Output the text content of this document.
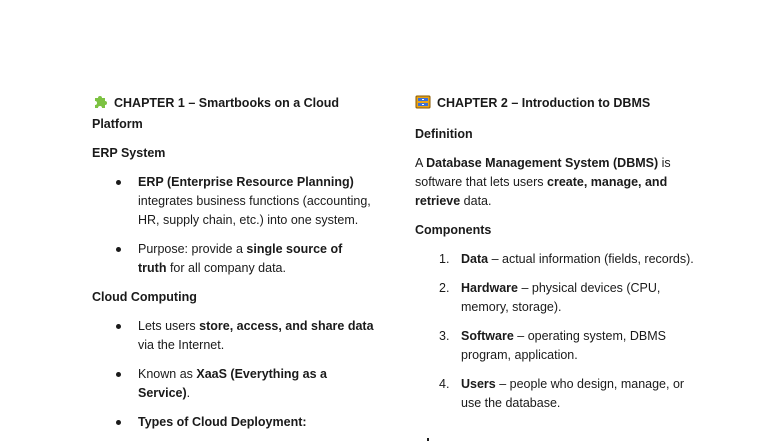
CHAPTER 1 – Smartbooks on a Cloud Platform
ERP System
ERP (Enterprise Resource Planning) integrates business functions (accounting, HR, supply chain, etc.) into one system.
Purpose: provide a single source of truth for all company data.
Cloud Computing
Lets users store, access, and share data via the Internet.
Known as XaaS (Everything as a Service).
Types of Cloud Deployment:
CHAPTER 2 – Introduction to DBMS
Definition

A Database Management System (DBMS) is software that lets users create, manage, and retrieve data.

Components
1. Data – actual information (fields, records).
2. Hardware – physical devices (CPU, memory, storage).
3. Software – operating system, DBMS program, application.
4. Users – people who design, manage, or use the database.
